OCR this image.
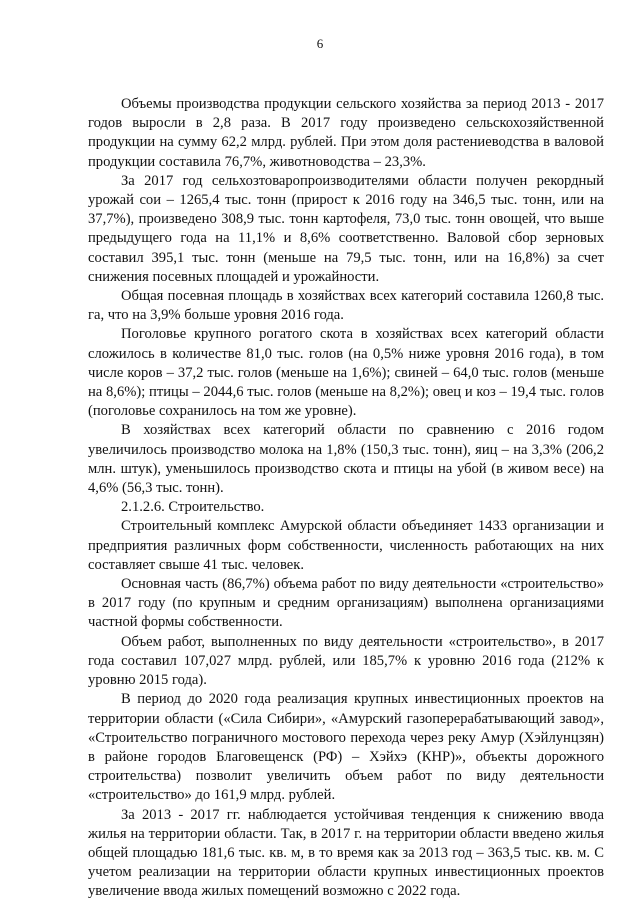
6

Объемы производства продукции сельского хозяйства за период 2013 - 2017 годов выросли в 2,8 раза. В 2017 году произведено сельскохозяйственной продукции на сумму 62,2 млрд. рублей. При этом доля растениеводства в валовой продукции составила 76,7%, животноводства – 23,3%.

За 2017 год сельхозтоваропроизводителями области получен рекордный урожай сои – 1265,4 тыс. тонн (прирост к 2016 году на 346,5 тыс. тонн, или на 37,7%), произведено 308,9 тыс. тонн картофеля, 73,0 тыс. тонн овощей, что выше предыдущего года на 11,1% и 8,6% соответственно. Валовой сбор зерновых составил 395,1 тыс. тонн (меньше на 79,5 тыс. тонн, или на 16,8%) за счет снижения посевных площадей и урожайности.

Общая посевная площадь в хозяйствах всех категорий составила 1260,8 тыс. га, что на 3,9% больше уровня 2016 года.

Поголовье крупного рогатого скота в хозяйствах всех категорий области сложилось в количестве 81,0 тыс. голов (на 0,5% ниже уровня 2016 года), в том числе коров – 37,2 тыс. голов (меньше на 1,6%); свиней – 64,0 тыс. голов (меньше на 8,6%); птицы – 2044,6 тыс. голов (меньше на 8,2%); овец и коз – 19,4 тыс. голов (поголовье сохранилось на том же уровне).

В хозяйствах всех категорий области по сравнению с 2016 годом увеличилось производство молока на 1,8% (150,3 тыс. тонн), яиц – на 3,3% (206,2 млн. штук), уменьшилось производство скота и птицы на убой (в живом весе) на 4,6% (56,3 тыс. тонн).

2.1.2.6. Строительство.

Строительный комплекс Амурской области объединяет 1433 организации и предприятия различных форм собственности, численность работающих на них составляет свыше 41 тыс. человек.

Основная часть (86,7%) объема работ по виду деятельности «строительство» в 2017 году (по крупным и средним организациям) выполнена организациями частной формы собственности.

Объем работ, выполненных по виду деятельности «строительство», в 2017 года составил 107,027 млрд. рублей, или 185,7% к уровню 2016 года (212% к уровню 2015 года).

В период до 2020 года реализация крупных инвестиционных проектов на территории области («Сила Сибири», «Амурский газоперерабатывающий завод», «Строительство пограничного мостового перехода через реку Амур (Хэйлунцзян) в районе городов Благовещенск (РФ) – Хэйхэ (КНР)», объекты дорожного строительства) позволит увеличить объем работ по виду деятельности «строительство» до 161,9 млрд. рублей.

За 2013 - 2017 гг. наблюдается устойчивая тенденция к снижению ввода жилья на территории области. Так, в 2017 г. на территории области введено жилья общей площадью 181,6 тыс. кв. м, в то время как за 2013 год – 363,5 тыс. кв. м. С учетом реализации на территории области крупных инвестиционных проектов увеличение ввода жилых помещений возможно с 2022 года.
